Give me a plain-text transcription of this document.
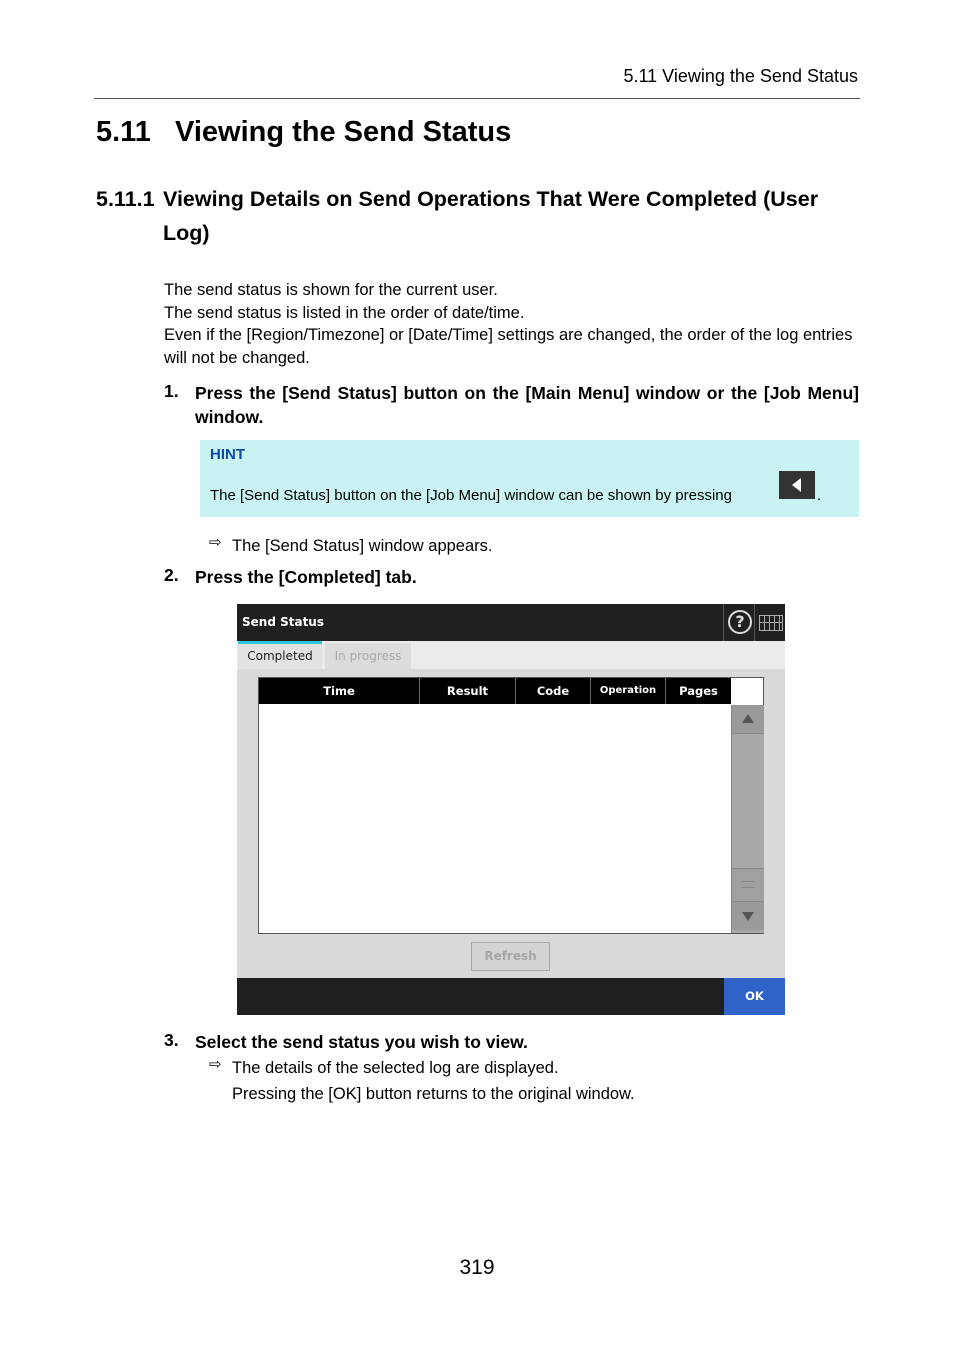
5.11 Viewing the Send Status
5.11 Viewing the Send Status
5.11.1 Viewing Details on Send Operations That Were Completed (User
Log)
The send status is shown for the current user.
The send status is listed in the order of date/time.
Even if the [Region/Timezone] or [Date/Time] settings are changed, the order of the log entries will not be changed.
1. Press the [Send Status] button on the [Main Menu] window or the [Job Menu] window.
HINT
The [Send Status] button on the [Job Menu] window can be shown by pressing	.
⇨ The [Send Status] window appears.
2. Press the [Completed] tab.
Send Status	?
Completed	In progress
Time	Result	Code	Operation	Pages
Refresh
OK
3. Select the send status you wish to view.
⇨ The details of the selected log are displayed.
Pressing the [OK] button returns to the original window.
319
